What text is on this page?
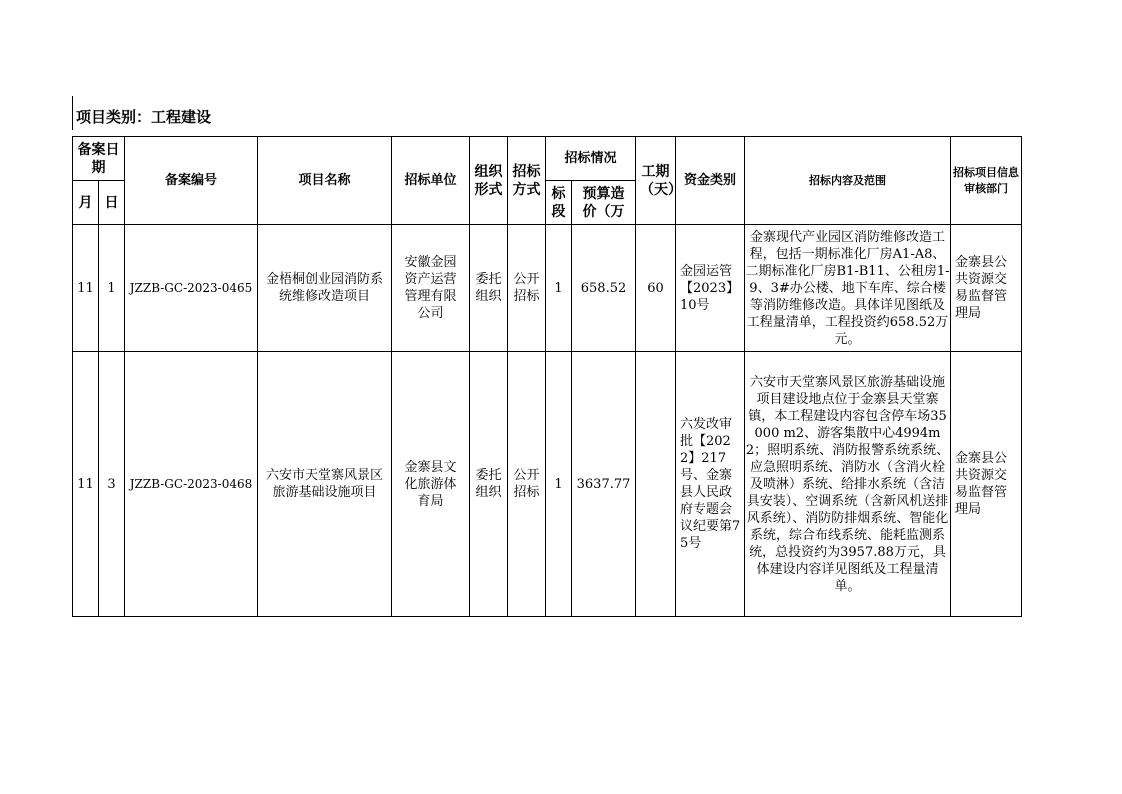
项目类别：工程建设
备案日期		备案编号	项目名称	招标单位	组织形式	招标方式	招标情况		工期（天）	资金类别	招标内容及范围	招标项目信息审核部门
月	日						标段	预算造价（万				
11	1	JZZB-GC-2023-0465	金梧桐创业园消防系统维修改造项目	安徽金园资产运营管理有限公司	委托组织	公开招标	1	658.52	60	金园运管【2023】10号	金寨现代产业园区消防维修改造工程，包括一期标准化厂房A1-A8、二期标准化厂房B1-B11、公租房1-9、3#办公楼、地下车库、综合楼等消防维修改造。具体详见图纸及工程量清单，工程投资约658.52万元。	金寨县公共资源交易监督管理局
11	3	JZZB-GC-2023-0468	六安市天堂寨风景区旅游基础设施项目	金寨县文化旅游体育局	委托组织	公开招标	1	3637.77		六发改审批【2022】217号、金寨县人民政府专题会议纪要第75号	六安市天堂寨风景区旅游基础设施项目建设地点位于金寨县天堂寨镇，本工程建设内容包含停车场35000 m2、游客集散中心4994m2；照明系统、消防报警系统系统、应急照明系统、消防水（含消火栓及喷淋）系统、给排水系统（含洁具安装）、空调系统（含新风机送排风系统）、消防防排烟系统、智能化系统，综合布线系统、能耗监测系统，总投资约为3957.88万元，具体建设内容详见图纸及工程量清单。	金寨县公共资源交易监督管理局
